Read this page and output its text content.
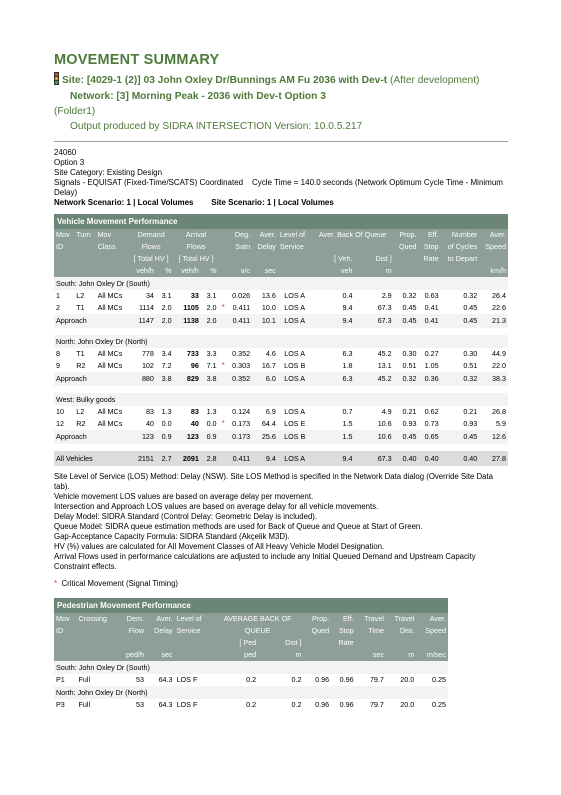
MOVEMENT SUMMARY
Site: [4029-1 (2)] 03 John Oxley Dr/Bunnings AM Fu 2036 with Dev-t (After development)
Network: [3] Morning Peak - 2036 with Dev-t Option 3
(Folder1)
Output produced by SIDRA INTERSECTION Version: 10.0.5.217
24060
Option 3
Site Category: Existing Design
Signals - EQUISAT (Fixed-Time/SCATS) Coordinated Cycle Time = 140.0 seconds (Network Optimum Cycle Time - Minimum Delay)
Network Scenario: 1 | Local Volumes Site Scenario: 1 | Local Volumes
Vehicle Movement Performance																
Mov	Turn	Mov	Demand		Arrival			Deg.	Aver.	Level of	Aver. Back Of Queue		Prop.	Eff.	Number	Aver.
ID		Class	Flows		Flows			Satn	Delay	Service			Qued	Stop	of Cycles	Speed
			[ Total HV ]		[ Total HV ]						[ Veh.	Dist ]		Rate	to Depart	
			veh/h	%	veh/h	%		v/c	sec		veh	m				km/h
South: John Oxley Dr (South)																
1	L2	All MCs	34	3.1	33	3.1		0.026	13.6	LOS A	0.4	2.9	0.32	0.63	0.32	26.4
2	T1	All MCs	1114	2.0	1105	2.0	*	0.411	10.0	LOS A	9.4	67.3	0.45	0.41	0.45	22.6
Approach			1147	2.0	1138	2.0		0.411	10.1	LOS A	9.4	67.3	0.45	0.41	0.45	21.3

North: John Oxley Dr (North)																
8	T1	All MCs	778	3.4	733	3.3		0.352	4.6	LOS A	6.3	45.2	0.30	0.27	0.30	44.9
9	R2	All MCs	102	7.2	96	7.1	*	0.303	16.7	LOS B	1.8	13.1	0.51	1.05	0.51	22.0
Approach			880	3.8	829	3.8		0.352	6.0	LOS A	6.3	45.2	0.32	0.36	0.32	38.3

West: Bulky goods																
10	L2	All MCs	83	1.3	83	1.3		0.124	6.9	LOS A	0.7	4.9	0.21	0.62	0.21	26.8
12	R2	All MCs	40	0.0	40	0.0	*	0.173	64.4	LOS E	1.5	10.6	0.93	0.73	0.93	5.9
Approach			123	0.9	123	0.9		0.173	25.6	LOS B	1.5	10.6	0.45	0.65	0.45	12.6

All Vehicles			2151	2.7	2091	2.8		0.411	9.4	LOS A	9.4	67.3	0.40	0.40	0.40	27.8

Site Level of Service (LOS) Method: Delay (NSW). Site LOS Method is specified in the Network Data dialog (Override Site Data tab).

Vehicle movement LOS values are based on average delay per movement.

Intersection and Approach LOS values are based on average delay for all vehicle movements.

Delay Model: SIDRA Standard (Control Delay: Geometric Delay is included).

Queue Model: SIDRA queue estimation methods are used for Back of Queue and Queue at Start of Green.

Gap-Acceptance Capacity Formula: SIDRA Standard (Akçelik M3D).

HV (%) values are calculated for All Movement Classes of All Heavy Vehicle Model Designation.

Arrival Flows used in performance calculations are adjusted to include any Initial Queued Demand and Upstream Capacity Constraint effects.

* Critical Movement (Signal Timing)
Pedestrian Movement Performance											
Mov	Crossing	Dem.	Aver.	Level of	AVERAGE BACK OF		Prop.	Eff.	Travel	Travel	Aver.
ID		Flow	Delay	Service	QUEUE		Qued	Stop	Time	Dist.	Speed
					[ Ped	Dist ]		Rate			
		ped/h	sec		ped	m			sec	m	m/sec
South: John Oxley Dr (South)											
P1	Full	53	64.3	LOS F	0.2	0.2	0.96	0.96	79.7	20.0	0.25
North: John Oxley Dr (North)											
P3	Full	53	64.3	LOS F	0.2	0.2	0.96	0.96	79.7	20.0	0.25
